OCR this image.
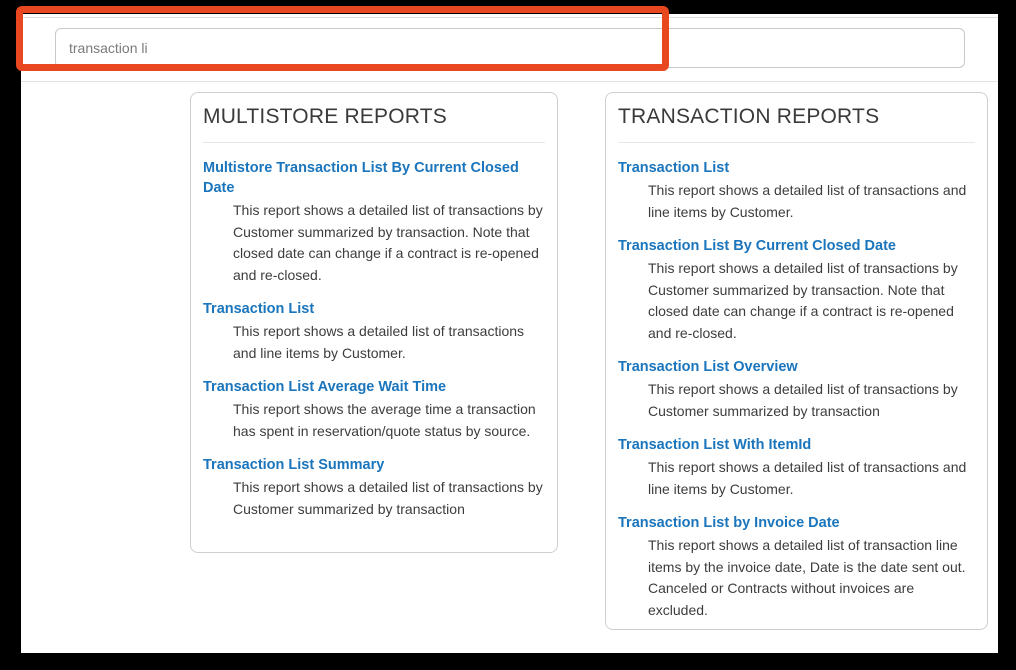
transaction li
MULTISTORE REPORTS
Multistore Transaction List By Current Closed Date
This report shows a detailed list of transactions by Customer summarized by transaction. Note that closed date can change if a contract is re-opened and re-closed.
Transaction List
This report shows a detailed list of transactions and line items by Customer.
Transaction List Average Wait Time
This report shows the average time a transaction has spent in reservation/quote status by source.
Transaction List Summary
This report shows a detailed list of transactions by Customer summarized by transaction
TRANSACTION REPORTS
Transaction List
This report shows a detailed list of transactions and line items by Customer.
Transaction List By Current Closed Date
This report shows a detailed list of transactions by Customer summarized by transaction. Note that closed date can change if a contract is re-opened and re-closed.
Transaction List Overview
This report shows a detailed list of transactions by Customer summarized by transaction
Transaction List With ItemId
This report shows a detailed list of transactions and line items by Customer.
Transaction List by Invoice Date
This report shows a detailed list of transaction line items by the invoice date, Date is the date sent out. Canceled or Contracts without invoices are excluded.
